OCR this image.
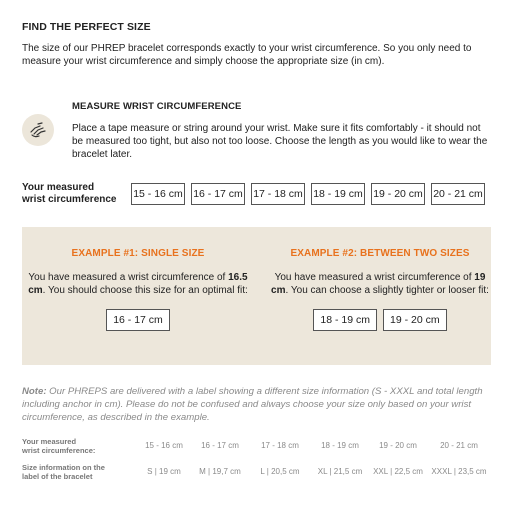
FIND THE PERFECT SIZE

The size of our PHREP bracelet corresponds exactly to your wrist circumference. So you only need to measure your wrist circumference and simply choose the appropriate size (in cm).

MEASURE WRIST CIRCUMFERENCE

Place a tape measure or string around your wrist. Make sure it fits comfortably - it should not be measured too tight, but also not too loose. Choose the length as you would like to wear the bracelet later.

Your measured
wrist circumference 15 - 16 cm 16 - 17 cm 17 - 18 cm 18 - 19 cm 19 - 20 cm 20 - 21 cm
EXAMPLE #1: SINGLE SIZE

You have measured a wrist circumference of 16.5 cm. You should choose this size for an optimal fit:

16 - 17 cm
EXAMPLE #2: BETWEEN TWO SIZES

You have measured a wrist circumference of 19 cm. You can choose a slightly tighter or looser fit:

18 - 19 cm	19 - 20 cm

Note: Our PHREPS are delivered with a label showing a different size information (S - XXXL and total length including anchor in cm). Please do not be confused and always choose your size only based on your wrist circumference, as described in the example.

Your measured
wrist circumference:
15 - 16 cm 16 - 17 cm	17 - 18 cm	18 - 19 cm	19 - 20 cm	20 - 21 cm
Size information on the
label of the bracelet
S | 19 cm M | 19,7 cm L | 20,5 cm XL | 21,5 cm XXL | 22,5 cm XXXL | 23,5 cm
